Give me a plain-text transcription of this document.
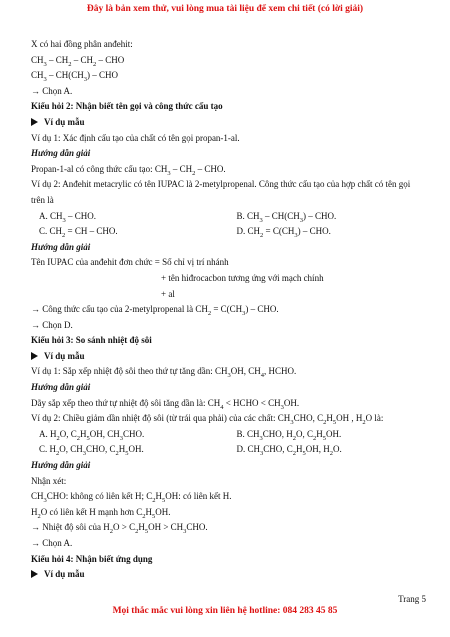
Đây là bản xem thử, vui lòng mua tài liệu để xem chi tiết (có lời giải)
X có hai đồng phân anđehit:
$CH_3 - CH_2 - CH_2$ – CHO
$CH_3 - CH(CH_3)$ – CHO
→ Chọn A.
Kiểu hỏi 2: Nhận biết tên gọi và công thức cấu tạo
Ví dụ mẫu
Ví dụ 1: Xác định cấu tạo của chất có tên gọi propan-1-al.
Hướng dẫn giải
Propan-1-al có công thức cấu tạo: $CH_3 - CH_2$ – CHO.
Ví dụ 2: Anđehit metacrylic có tên IUPAC là 2-metylpropenal. Công thức cấu tạo của hợp chất có tên gọi
trên là
A. $CH_3$ – CHO.	B. $CH_3 - CH(CH_3)$ – CHO.
C. $CH_2$ = CH – CHO.	D. $CH_2 = C(CH_3)$ – CHO.
Hướng dẫn giải
Tên IUPAC của anđehit đơn chức = Số chỉ vị trí nhánh
+ tên hiđrocacbon tương ứng với mạch chính
+ al
→ Công thức cấu tạo của 2-metylpropenal là $CH_2 = C(CH_3)$ – CHO.
→ Chọn D.
Kiểu hỏi 3: So sánh nhiệt độ sôi
Ví dụ mẫu
Ví dụ 1: Sắp xếp nhiệt độ sôi theo thứ tự tăng dần: $CH_3OH$, $CH_4$, HCHO.
Hướng dẫn giải
Dãy sắp xếp theo thứ tự nhiệt độ sôi tăng dần là: $CH_4$ < HCHO < $CH_3OH$.
Ví dụ 2: Chiều giảm dần nhiệt độ sôi (từ trái qua phải) của các chất: $CH_3CHO$, $C_2H_5OH$ , $H_2O$ là:
A. $H_2O$, $C_2H_5OH$, $CH_3CHO$.	B. $CH_3CHO$, $H_2O$, $C_2H_5OH$.
C. $H_2O$, $CH_3CHO$, $C_2H_5OH$.	D. $CH_3CHO$, $C_2H_5OH$, $H_2O$.
Hướng dẫn giải
Nhận xét:
$CH_3CHO$: không có liên kết H; $C_2H_5OH$: có liên kết H.
$H_2O$ có liên kết H mạnh hơn $C_2H_5OH$.
→ Nhiệt độ sôi của $H_2O > C_2H_5OH > CH_3CHO$.
→ Chọn A.
Kiểu hỏi 4: Nhận biết ứng dụng
Ví dụ mẫu
Trang 5
Mọi thắc mắc vui lòng xin liên hệ hotline: 084 283 45 85
